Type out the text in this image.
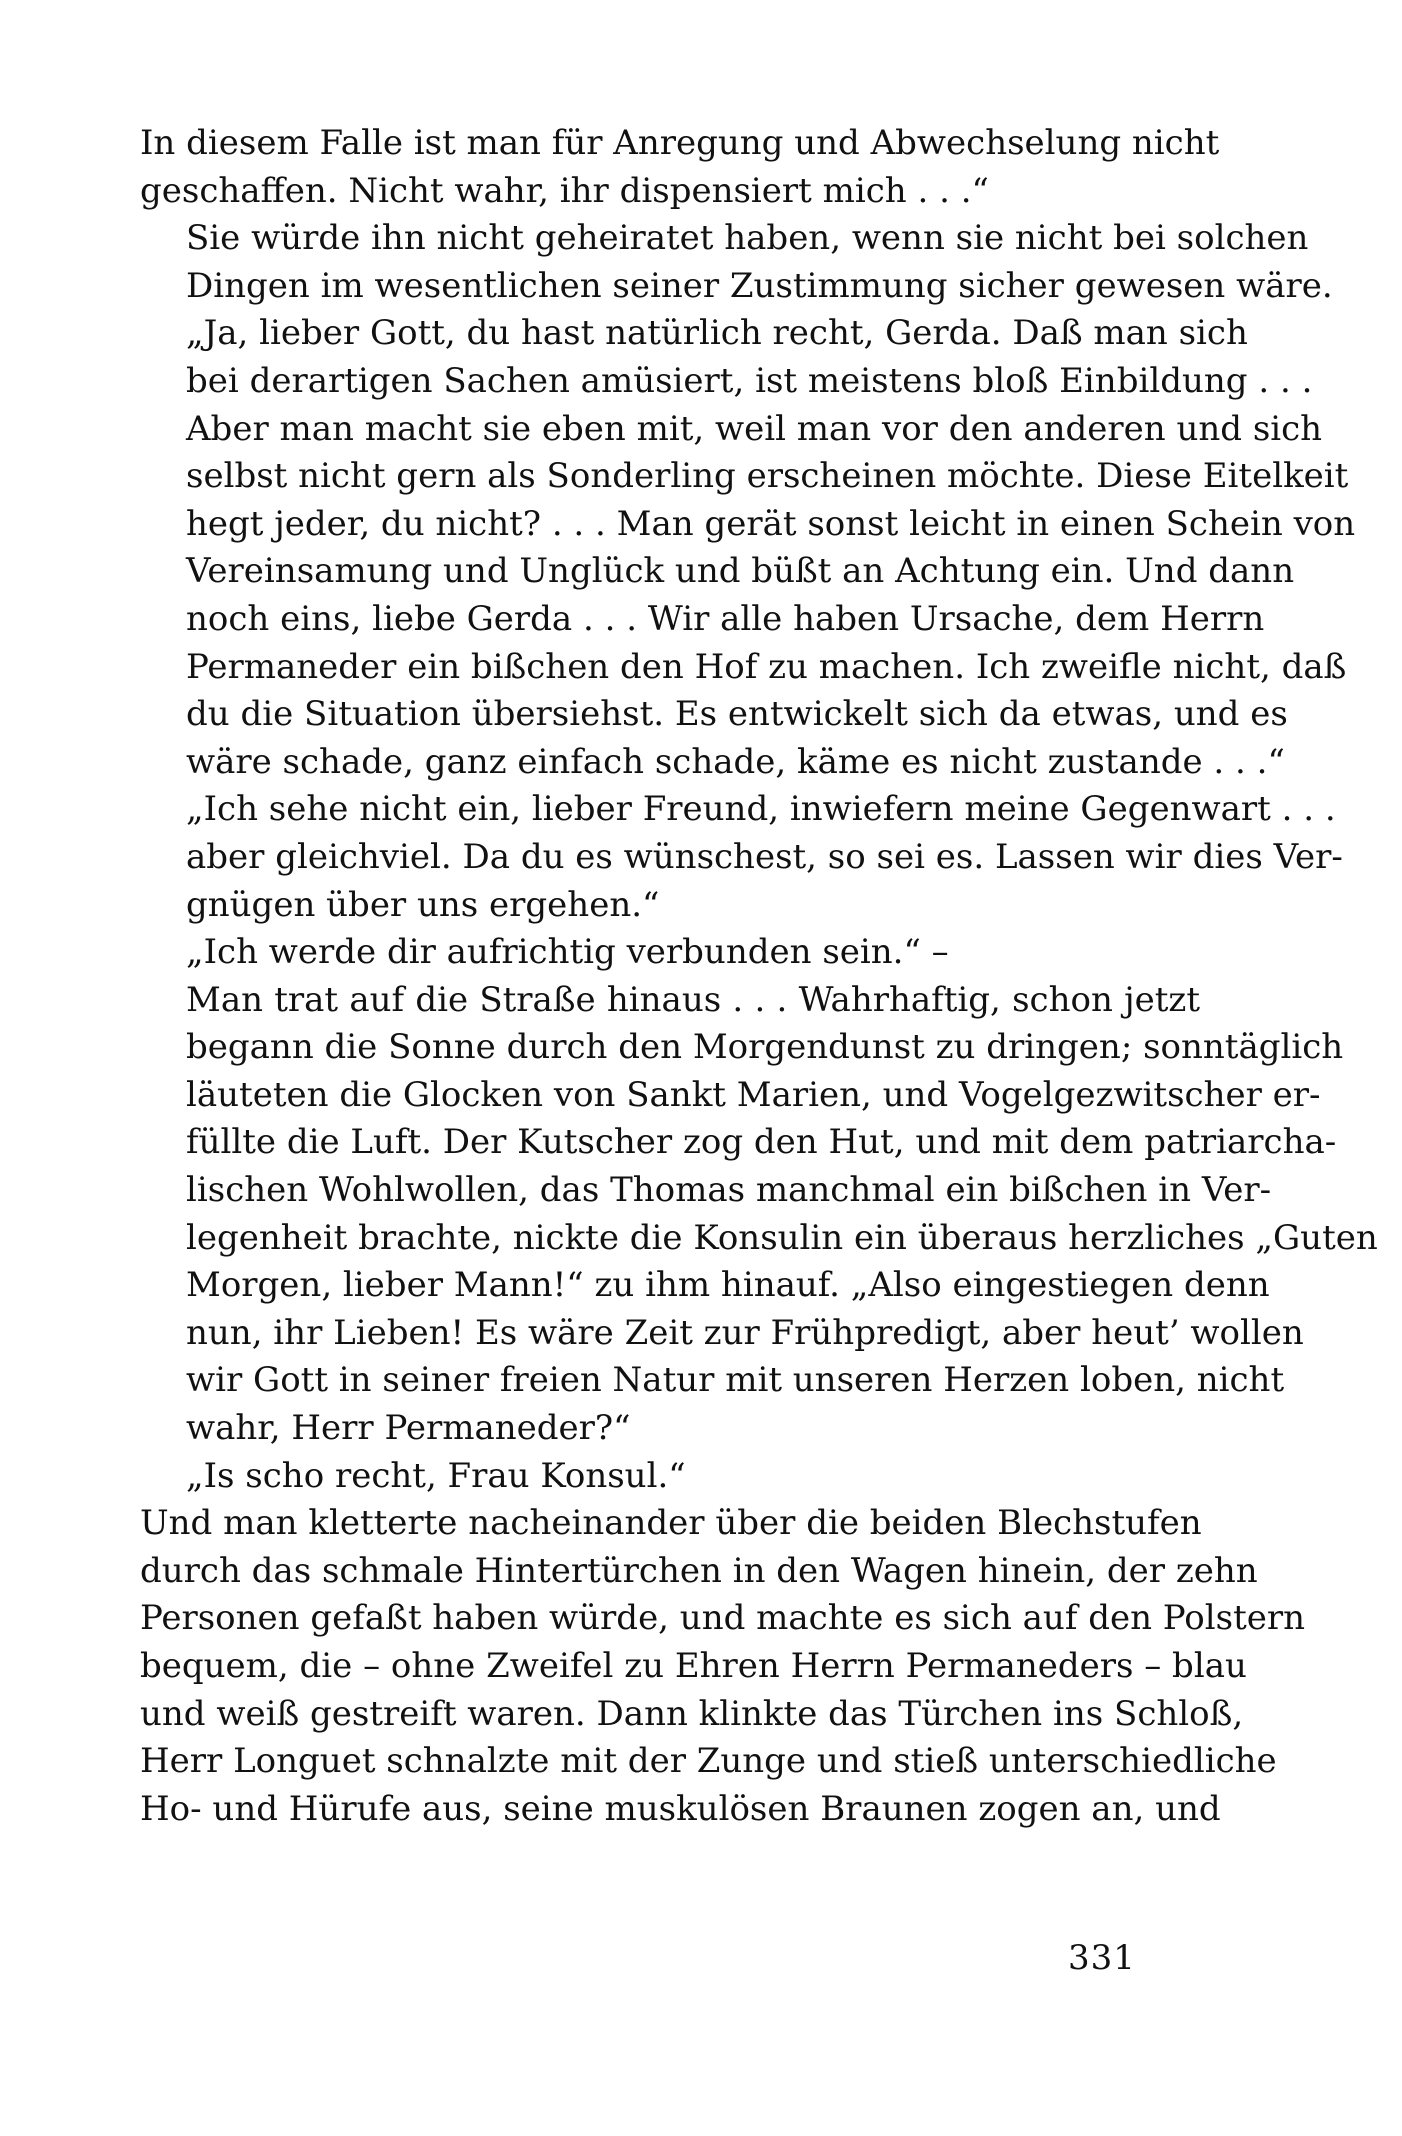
In diesem Falle ist man für Anregung und Abwechselung nicht
geschaffen. Nicht wahr, ihr dispensiert mich . . .“

Sie würde ihn nicht geheiratet haben, wenn sie nicht bei solchen
Dingen im wesentlichen seiner Zustimmung sicher gewesen wäre.

„Ja, lieber Gott, du hast natürlich recht, Gerda. Daß man sich
bei derartigen Sachen amüsiert, ist meistens bloß Einbildung . . .
Aber man macht sie eben mit, weil man vor den anderen und sich
selbst nicht gern als Sonderling erscheinen möchte. Diese Eitelkeit
hegt jeder, du nicht? . . . Man gerät sonst leicht in einen Schein von
Vereinsamung und Unglück und büßt an Achtung ein. Und dann
noch eins, liebe Gerda . . . Wir alle haben Ursache, dem Herrn
Permaneder ein bißchen den Hof zu machen. Ich zweifle nicht, daß
du die Situation übersiehst. Es entwickelt sich da etwas, und es
wäre schade, ganz einfach schade, käme es nicht zustande . . .“

„Ich sehe nicht ein, lieber Freund, inwiefern meine Gegenwart . . .
aber gleichviel. Da du es wünschest, so sei es. Lassen wir dies Ver-
gnügen über uns ergehen.“

„Ich werde dir aufrichtig verbunden sein.“ –

Man trat auf die Straße hinaus . . . Wahrhaftig, schon jetzt
begann die Sonne durch den Morgendunst zu dringen; sonntäglich
läuteten die Glocken von Sankt Marien, und Vogelgezwitscher er-
füllte die Luft. Der Kutscher zog den Hut, und mit dem patriarcha-
lischen Wohlwollen, das Thomas manchmal ein bißchen in Ver-
legenheit brachte, nickte die Konsulin ein überaus herzliches „Guten
Morgen, lieber Mann!“ zu ihm hinauf. „Also eingestiegen denn
nun, ihr Lieben! Es wäre Zeit zur Frühpredigt, aber heut’ wollen
wir Gott in seiner freien Natur mit unseren Herzen loben, nicht
wahr, Herr Permaneder?“

„Is scho recht, Frau Konsul.“

Und man kletterte nacheinander über die beiden Blechstufen
durch das schmale Hintertürchen in den Wagen hinein, der zehn
Personen gefaßt haben würde, und machte es sich auf den Polstern
bequem, die – ohne Zweifel zu Ehren Herrn Permaneders – blau
und weiß gestreift waren. Dann klinkte das Türchen ins Schloß,
Herr Longuet schnalzte mit der Zunge und stieß unterschiedliche
Ho- und Hürufe aus, seine muskulösen Braunen zogen an, und

331
